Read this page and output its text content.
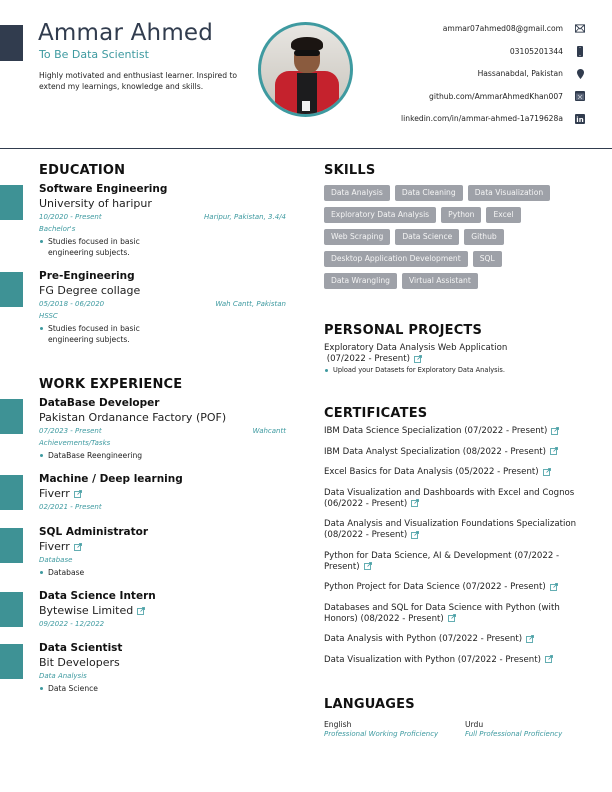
Ammar Ahmed
To Be Data Scientist
Highly motivated and enthusiast learner. Inspired to extend my learnings, knowledge and skills.
ammar07ahmed08@gmail.com
03105201344
Hassanabdal, Pakistan
github.com/AmmarAhmedKhan007
linkedin.com/in/ammar-ahmed-1a719628a in
EDUCATION
Software Engineering
University of haripur
10/2020 - Present	Haripur, Pakistan, 3.4/4
Bachelor's
Studies focused in basic engineering subjects.
Pre-Engineering
FG Degree collage
05/2018 - 06/2020	Wah Cantt, Pakistan
HSSC
Studies focused in basic engineering subjects.
WORK EXPERIENCE
DataBase Developer
Pakistan Ordanance Factory (POF)
07/2023 - Present	Wahcantt
Achievements/Tasks
DataBase Reengineering
Machine / Deep learning
Fiverr
02/2021 - Present
SQL Administrator
Fiverr
Database
Database
Data Science Intern
Bytewise Limited
09/2022 - 12/2022
Data Scientist
Bit Developers
Data Analysis
Data Science
SKILLS
Data Analysis	Data Cleaning	Data Visualization
Exploratory Data Analysis	Python	Excel
Web Scraping	Data Science	Github
Desktop Application Development	SQL
Data Wrangling	Virtual Assistant
PERSONAL PROJECTS
Exploratory Data Analysis Web Application
(07/2022 - Present)
Upload your Datasets for Exploratory Data Analysis.
CERTIFICATES
IBM Data Science Specialization (07/2022 - Present)
IBM Data Analyst Specialization (08/2022 - Present)
Excel Basics for Data Analysis (05/2022 - Present)
Data Visualization and Dashboards with Excel and Cognos (06/2022 - Present)
Data Analysis and Visualization Foundations Specialization (08/2022 - Present)
Python for Data Science, AI & Development (07/2022 - Present)
Python Project for Data Science (07/2022 - Present)
Databases and SQL for Data Science with Python (with Honors) (08/2022 - Present)
Data Analysis with Python (07/2022 - Present)
Data Visualization with Python (07/2022 - Present)
LANGUAGES
English
Professional Working Proficiency
Urdu
Full Professional Proficiency
